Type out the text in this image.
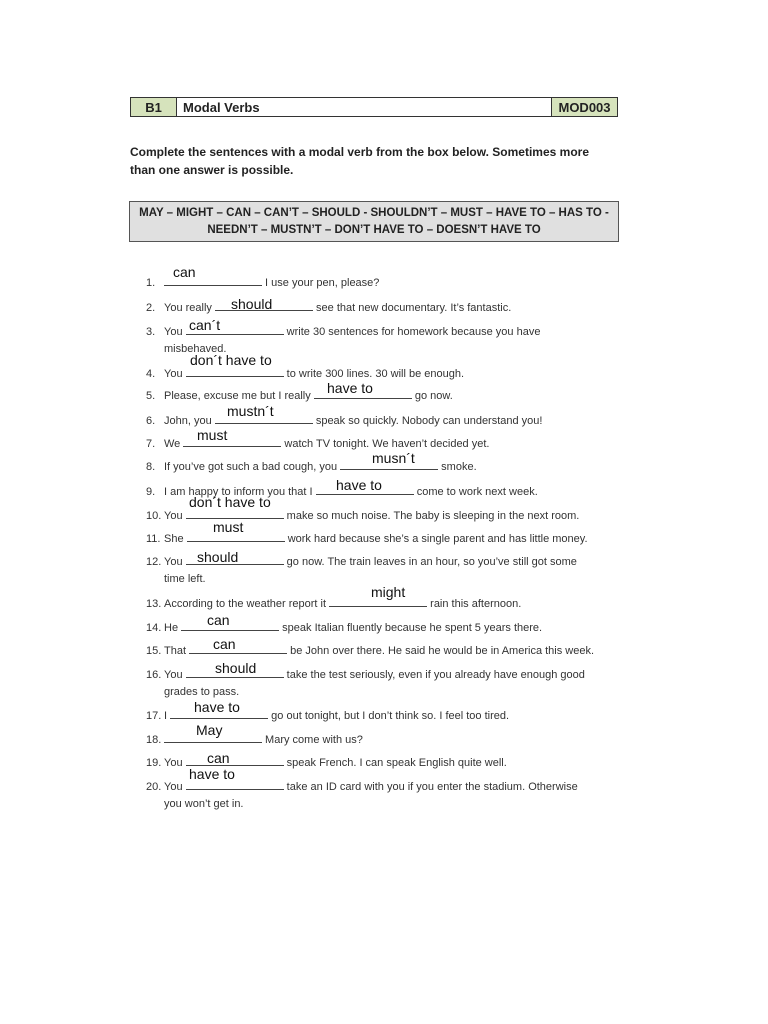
B1	Modal Verbs	MOD003
Complete the sentences with a modal verb from the box below. Sometimes more
than one answer is possible.
MAY – MIGHT – CAN – CAN’T – SHOULD - SHOULDN’T – MUST – HAVE TO – HAS TO -
NEEDN’T – MUSTN’T – DON’T HAVE TO – DOESN’T HAVE TO
1.	I use your pen, please?
can
2. You really	see that new documentary. It’s fantastic.
should
3. You	write 30 sentences for homework because you have
misbehaved.
can´t
4. You	to write 300 lines. 30 will be enough.
don´t have to
5. Please, excuse me but I really	go now.
have to
6. John, you	speak so quickly. Nobody can understand you!
mustn´t
7. We	watch TV tonight. We haven’t decided yet.
must
8. If you’ve got such a bad cough, you	smoke.
musn´t
9. I am happy to inform you that I	come to work next week.
have to
10. You	make so much noise. The baby is sleeping in the next room.
don´t have to
11. She	work hard because she’s a single parent and has little money.
must
12. You	go now. The train leaves in an hour, so you’ve still got some
time left.
should
13. According to the weather report it	rain this afternoon.
might
14. He	speak Italian fluently because he spent 5 years there.
can
15. That	be John over there. He said he would be in America this week.
can
16. You	take the test seriously, even if you already have enough good
grades to pass.
should
17. I	go out tonight, but I don’t think so. I feel too tired.
have to
18.	Mary come with us?
May
19. You	speak French. I can speak English quite well.
can
20. You	take an ID card with you if you enter the stadium. Otherwise
you won’t get in.
have to
